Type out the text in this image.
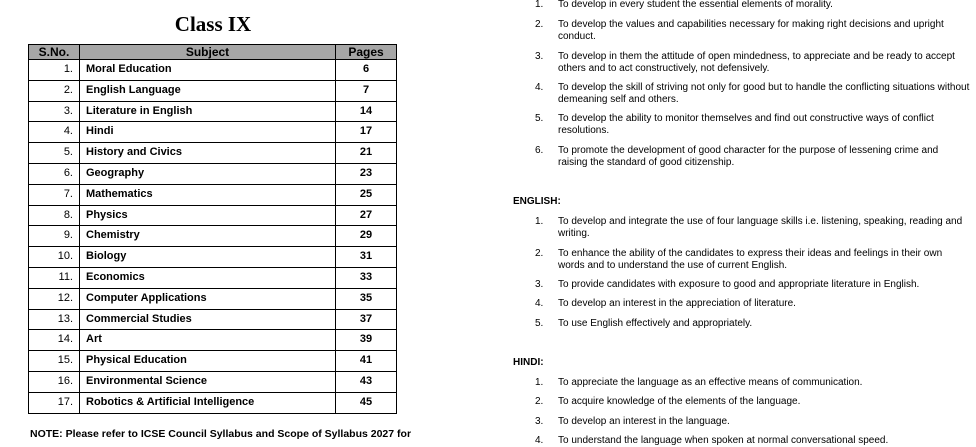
Class IX
S.No.	Subject	Pages
1.	Moral Education	6
2.	English Language	7
3.	Literature in English	14
4.	Hindi	17
5.	History and Civics	21
6.	Geography	23
7.	Mathematics	25
8.	Physics	27
9.	Chemistry	29
10.	Biology	31
11.	Economics	33
12.	Computer Applications	35
13.	Commercial Studies	37
14.	Art	39
15.	Physical Education	41
16.	Environmental Science	43
17.	Robotics & Artificial Intelligence	45
NOTE: Please refer to ICSE Council Syllabus and Scope of Syllabus 2027 for
1. To develop in every student the essential elements of morality.
2. To develop the values and capabilities necessary for making right decisions and upright conduct.
3. To develop in them the attitude of open mindedness, to appreciate and be ready to accept others and to act constructively, not defensively.
4. To develop the skill of striving not only for good but to handle the conflicting situations without demeaning self and others.
5. To develop the ability to monitor themselves and find out constructive ways of conflict resolutions.
6. To promote the development of good character for the purpose of lessening crime and raising the standard of good citizenship.
ENGLISH:
1. To develop and integrate the use of four language skills i.e. listening, speaking, reading and writing.
2. To enhance the ability of the candidates to express their ideas and feelings in their own words and to understand the use of current English.
3. To provide candidates with exposure to good and appropriate literature in English.
4. To develop an interest in the appreciation of literature.
5. To use English effectively and appropriately.
HINDI:
1. To appreciate the language as an effective means of communication.
2. To acquire knowledge of the elements of the language.
3. To develop an interest in the language.
4. To understand the language when spoken at normal conversational speed.
